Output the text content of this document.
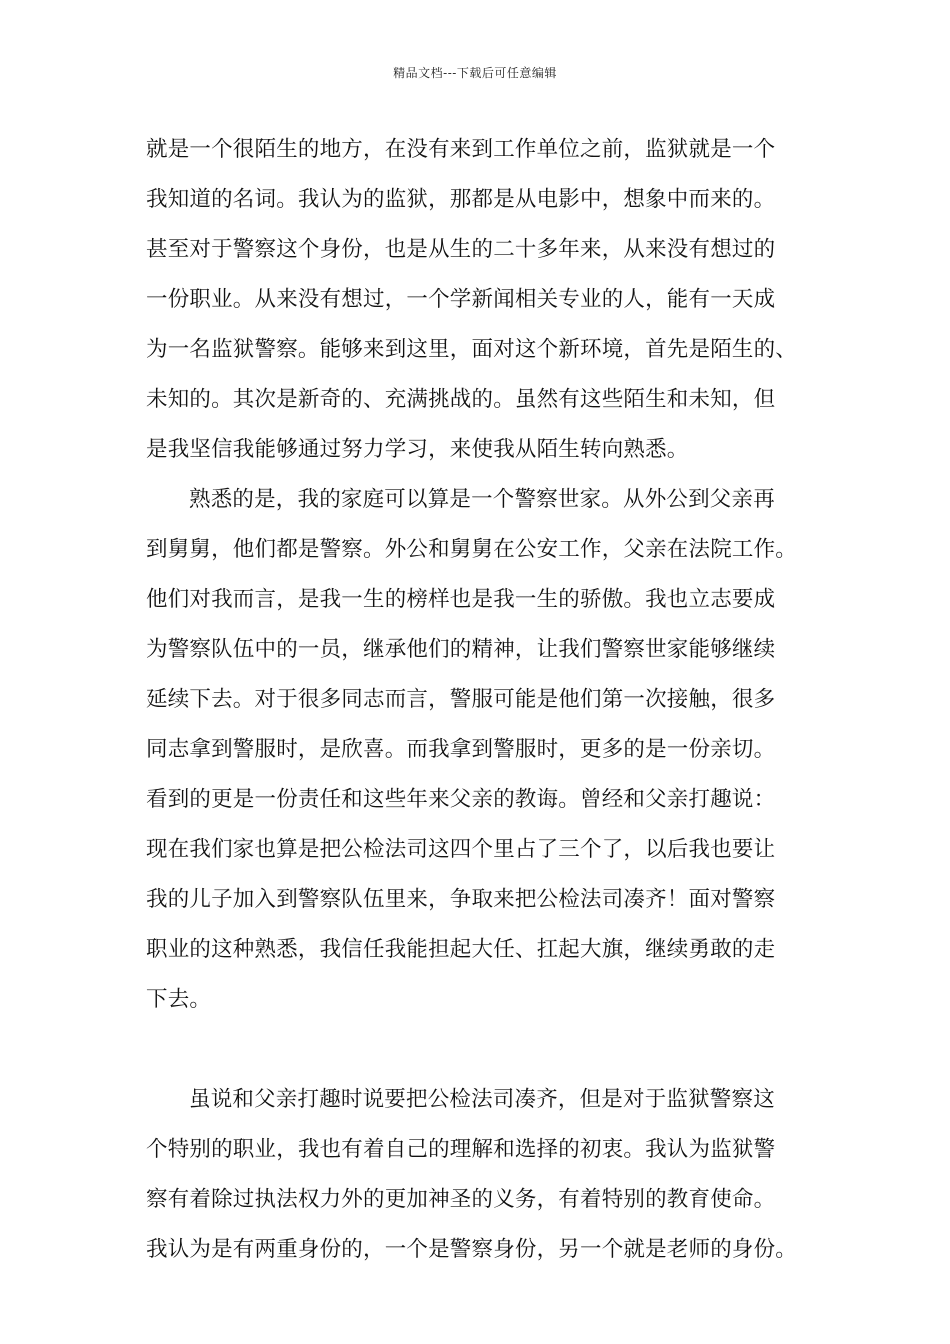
精品文档---下载后可任意编辑
就是一个很陌生的地方，在没有来到工作单位之前，监狱就是一个
我知道的名词。我认为的监狱，那都是从电影中，想象中而来的。
甚至对于警察这个身份，也是从生的二十多年来，从来没有想过的
一份职业。从来没有想过，一个学新闻相关专业的人，能有一天成
为一名监狱警察。能够来到这里，面对这个新环境，首先是陌生的、
未知的。其次是新奇的、充满挑战的。虽然有这些陌生和未知，但
是我坚信我能够通过努力学习，来使我从陌生转向熟悉。
熟悉的是，我的家庭可以算是一个警察世家。从外公到父亲再
到舅舅，他们都是警察。外公和舅舅在公安工作，父亲在法院工作。
他们对我而言，是我一生的榜样也是我一生的骄傲。我也立志要成
为警察队伍中的一员，继承他们的精神，让我们警察世家能够继续
延续下去。对于很多同志而言，警服可能是他们第一次接触，很多
同志拿到警服时，是欣喜。而我拿到警服时，更多的是一份亲切。
看到的更是一份责任和这些年来父亲的教诲。曾经和父亲打趣说：
现在我们家也算是把公检法司这四个里占了三个了，以后我也要让
我的儿子加入到警察队伍里来，争取来把公检法司凑齐！面对警察
职业的这种熟悉，我信任我能担起大任、扛起大旗，继续勇敢的走
下去。
虽说和父亲打趣时说要把公检法司凑齐，但是对于监狱警察这
个特别的职业，我也有着自己的理解和选择的初衷。我认为监狱警
察有着除过执法权力外的更加神圣的义务，有着特别的教育使命。
我认为是有两重身份的，一个是警察身份，另一个就是老师的身份。
